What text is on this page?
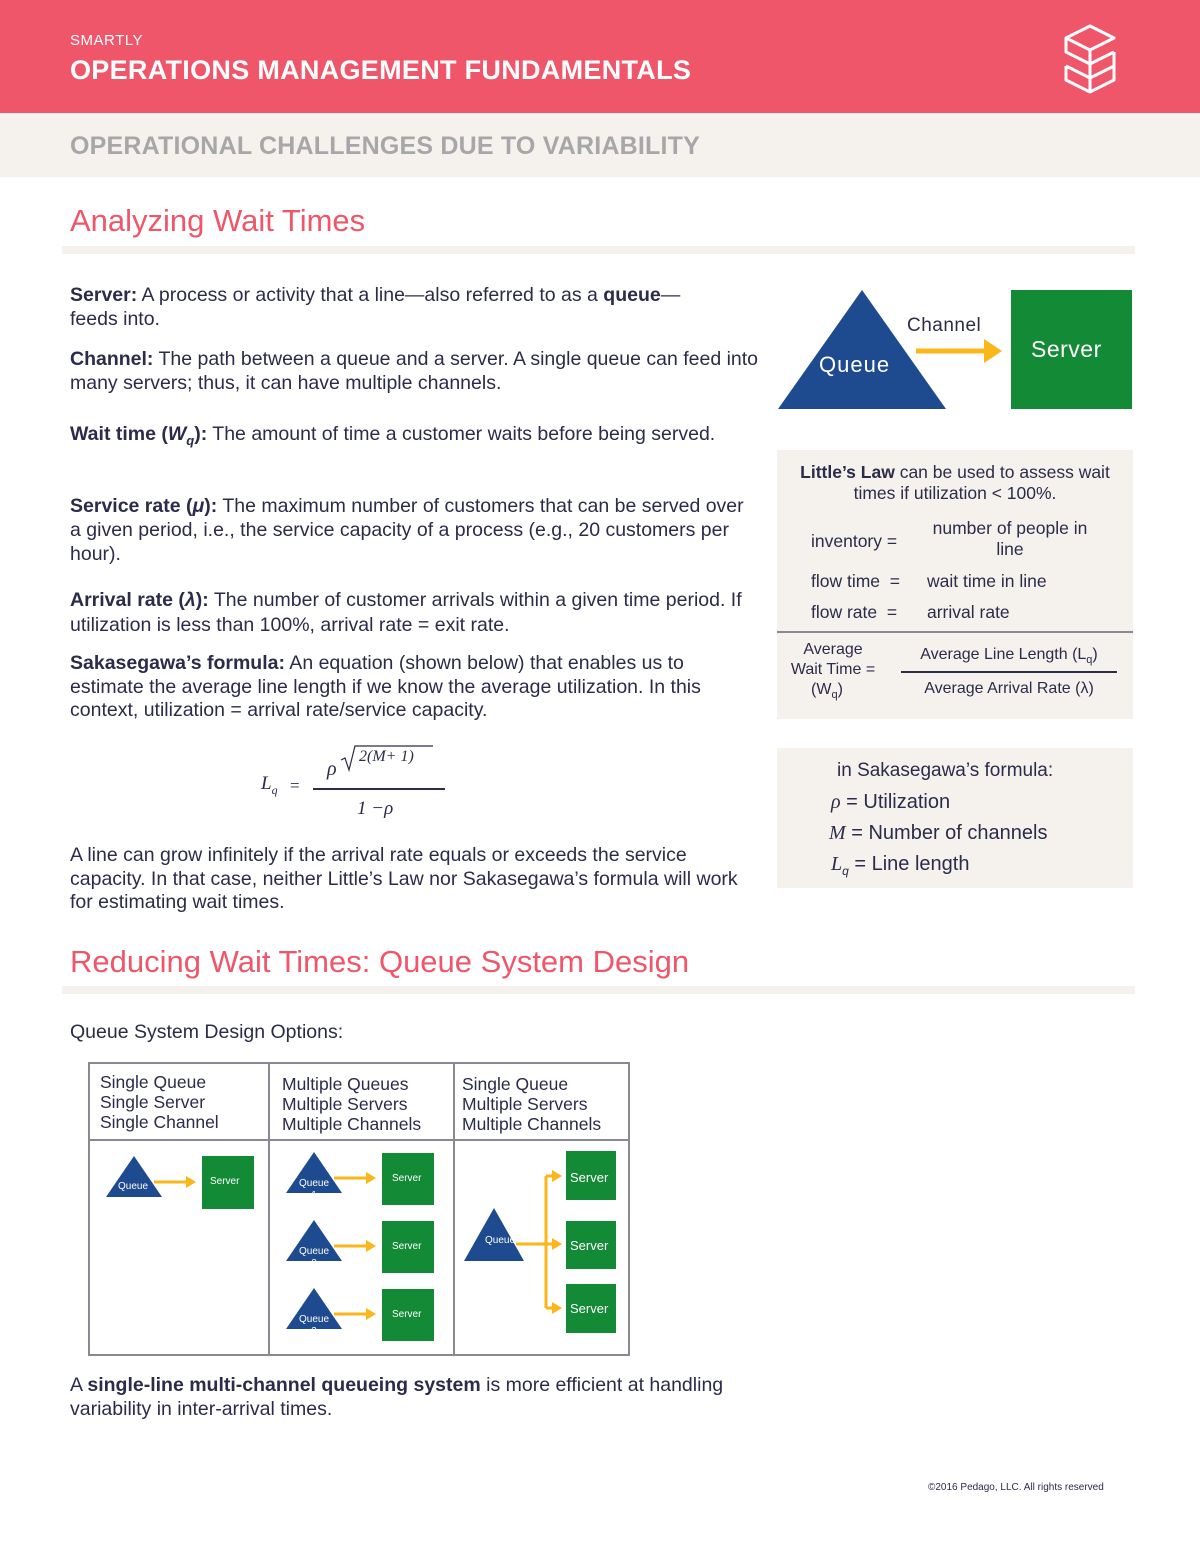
SMARTLY
OPERATIONS MANAGEMENT FUNDAMENTALS
OPERATIONAL CHALLENGES DUE TO VARIABILITY
Analyzing Wait Times
Server: A process or activity that a line—also referred to as a queue—feeds into.
Channel: The path between a queue and a server. A single queue can feed into many servers; thus, it can have multiple channels.
Wait time $(W_q)$: The amount of time a customer waits before being served.
Service rate (μ): The maximum number of customers that can be served over a given period, i.e., the service capacity of a process (e.g., 20 customers per hour).
Arrival rate (λ): The number of customer arrivals within a given time period. If utilization is less than 100%, arrival rate = exit rate.
Sakasegawa’s formula: An equation (shown below) that enables us to estimate the average line length if we know the average utilization. In this context, utilization = arrival rate/service capacity.
$L_q$ =
ρ
2(M+ 1)
1 −ρ
A line can grow infinitely if the arrival rate equals or exceeds the service capacity. In that case, neither Little’s Law nor Sakasegawa’s formula will work for estimating wait times.
Queue
Channel
Server
Little’s Law can be used to assess wait times if utilization < 100%.
inventory =
number of people in line
flow time  = wait time in line
flow rate  = arrival rate
Average
Wait Time =
$(W_q)$
Average Line Length $(L_q)$
Average Arrival Rate (λ)
in Sakasegawa’s formula:
ρ = Utilization
M = Number of channels
$L_q$ = Line length
Reducing Wait Times: Queue System Design
Queue System Design Options:
Single Queue
Single Server
Single Channel
Multiple Queues
Multiple Servers
Multiple Channels
Single Queue
Multiple Servers
Multiple Channels
Queue	Server	Queue
1
Server
Queue
2
Server
Queue
3
Server
Queue
Server
Server
Server
A single-line multi-channel queueing system is more efficient at handling variability in inter-arrival times.
©2016 Pedago, LLC. All rights reserved
